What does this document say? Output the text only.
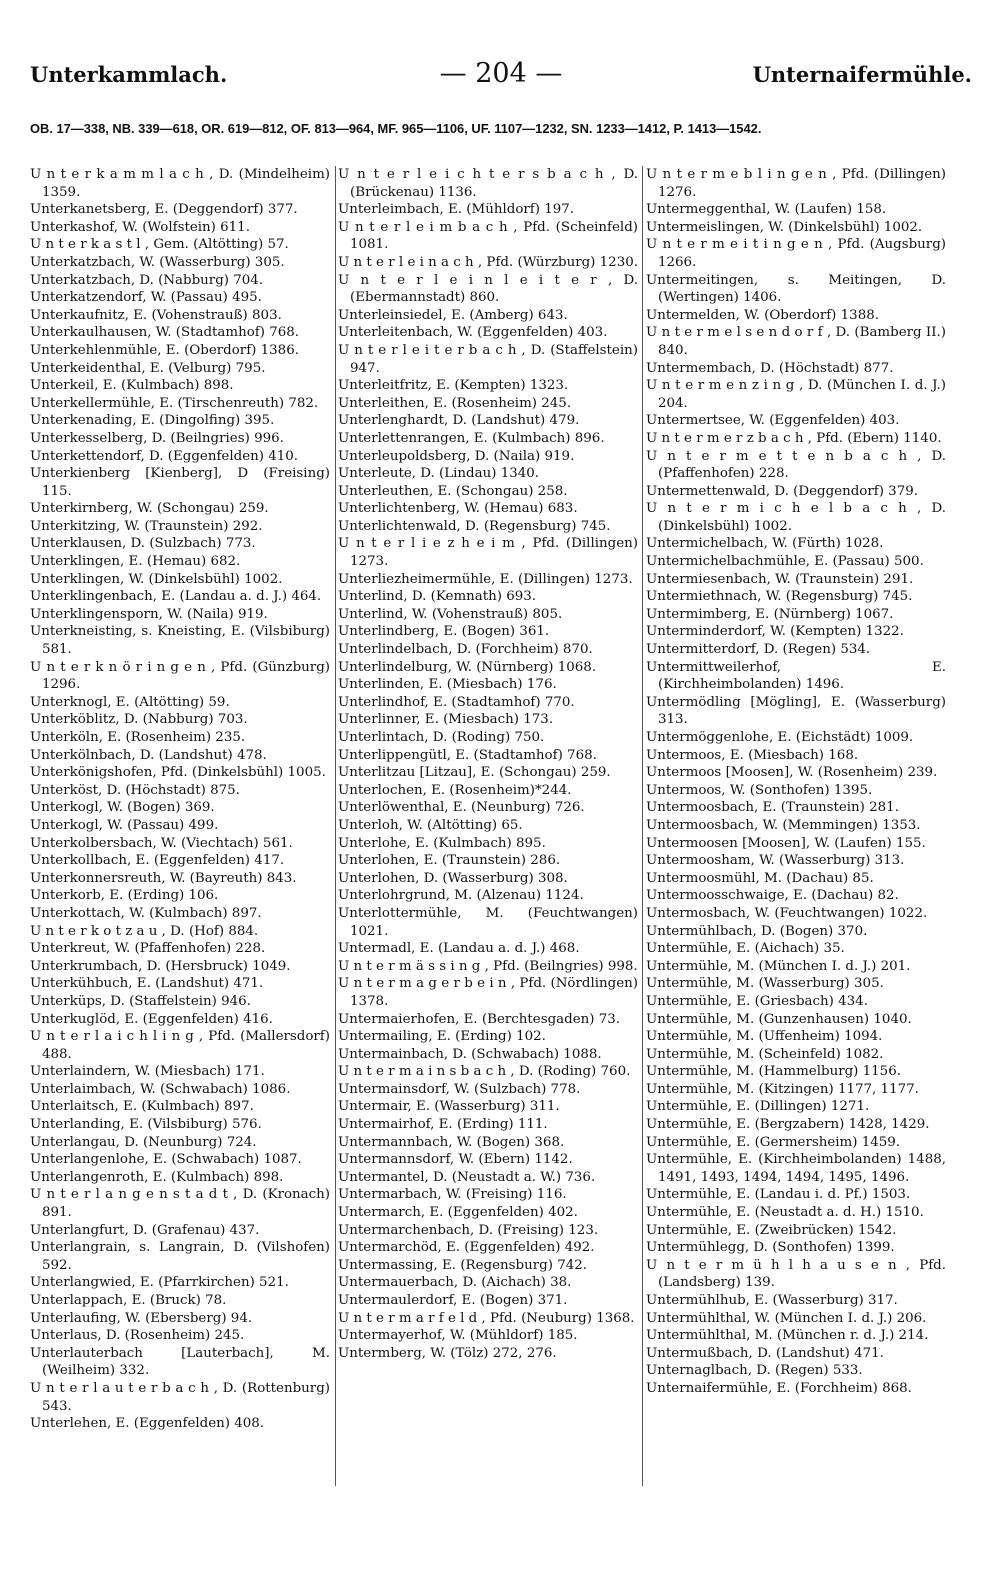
Unterkammlach.	— 204 —	Unternaifermühle.
OB. 17—338, NB. 339—618, OR. 619—812, OF. 813—964, MF. 965—1106, UF. 1107—1232, SN. 1233—1412, P. 1413—1542.

U n t e r k a m m l a c h , D. (Mindelheim) 1359.

Unterkanetsberg, E. (Deggendorf) 377.

Unterkashof, W. (Wolfstein) 611.

U n t e r k a s t l , Gem. (Altötting) 57.

Unterkatzbach, W. (Wasserburg) 305.

Unterkatzbach, D. (Nabburg) 704.

Unterkatzendorf, W. (Passau) 495.

Unterkaufnitz, E. (Vohenstrauß) 803.

Unterkaulhausen, W. (Stadtamhof) 768.

Unterkehlenmühle, E. (Oberdorf) 1386.

Unterkeidenthal, E. (Velburg) 795.

Unterkeil, E. (Kulmbach) 898.

Unterkellermühle, E. (Tirschenreuth) 782.

Unterkenading, E. (Dingolfing) 395.

Unterkesselberg, D. (Beilngries) 996.

Unterkettendorf, D. (Eggenfelden) 410.

Unterkienberg [Kienberg], D (Freising) 115.

Unterkirnberg, W. (Schongau) 259.

Unterkitzing, W. (Traunstein) 292.

Unterklausen, D. (Sulzbach) 773.

Unterklingen, E. (Hemau) 682.

Unterklingen, W. (Dinkelsbühl) 1002.

Unterklingenbach, E. (Landau a. d. J.) 464.

Unterklingensporn, W. (Naila) 919.

Unterkneisting, s. Kneisting, E. (Vilsbiburg) 581.

U n t e r k n ö r i n g e n , Pfd. (Günzburg) 1296.

Unterknogl, E. (Altötting) 59.

Unterköblitz, D. (Nabburg) 703.

Unterköln, E. (Rosenheim) 235.

Unterkölnbach, D. (Landshut) 478.

Unterkönigshofen, Pfd. (Dinkelsbühl) 1005.

Unterköst, D. (Höchstadt) 875.

Unterkogl, W. (Bogen) 369.

Unterkogl, W. (Passau) 499.

Unterkolbersbach, W. (Viechtach) 561.

Unterkollbach, E. (Eggenfelden) 417.

Unterkonnersreuth, W. (Bayreuth) 843.

Unterkorb, E. (Erding) 106.

Unterkottach, W. (Kulmbach) 897.

U n t e r k o t z a u , D. (Hof) 884.

Unterkreut, W. (Pfaffenhofen) 228.

Unterkrumbach, D. (Hersbruck) 1049.

Unterkühbuch, E. (Landshut) 471.

Unterküps, D. (Staffelstein) 946.

Unterkuglöd, E. (Eggenfelden) 416.

U n t e r l a i c h l i n g , Pfd. (Mallersdorf) 488.

Unterlaindern, W. (Miesbach) 171.

Unterlaimbach, W. (Schwabach) 1086.

Unterlaitsch, E. (Kulmbach) 897.

Unterlanding, E. (Vilsbiburg) 576.

Unterlangau, D. (Neunburg) 724.

Unterlangenlohe, E. (Schwabach) 1087.

Unterlangenroth, E. (Kulmbach) 898.

U n t e r l a n g e n s t a d t , D. (Kronach) 891.

Unterlangfurt, D. (Grafenau) 437.

Unterlangrain, s. Langrain, D. (Vilshofen) 592.

Unterlangwied, E. (Pfarrkirchen) 521.

Unterlappach, E. (Bruck) 78.

Unterlaufing, W. (Ebersberg) 94.

Unterlaus, D. (Rosenheim) 245.

Unterlauterbach [Lauterbach], M. (Weilheim) 332.

U n t e r l a u t e r b a c h , D. (Rottenburg) 543.

Unterlehen, E. (Eggenfelden) 408.

U n t e r l e i c h t e r s b a c h , D. (Brückenau) 1136.

Unterleimbach, E. (Mühldorf) 197.

U n t e r l e i m b a c h , Pfd. (Scheinfeld) 1081.

U n t e r l e i n a c h , Pfd. (Würzburg) 1230.

U n t e r l e i n l e i t e r , D. (Ebermannstadt) 860.

Unterleinsiedel, E. (Amberg) 643.

Unterleitenbach, W. (Eggenfelden) 403.

U n t e r l e i t e r b a c h , D. (Staffelstein) 947.

Unterleitfritz, E. (Kempten) 1323.

Unterleithen, E. (Rosenheim) 245.

Unterlenghardt, D. (Landshut) 479.

Unterlettenrangen, E. (Kulmbach) 896.

Unterleupoldsberg, D. (Naila) 919.

Unterleute, D. (Lindau) 1340.

Unterleuthen, E. (Schongau) 258.

Unterlichtenberg, W. (Hemau) 683.

Unterlichtenwald, D. (Regensburg) 745.

U n t e r l i e z h e i m , Pfd. (Dillingen) 1273.

Unterliezheimermühle, E. (Dillingen) 1273.

Unterlind, D. (Kemnath) 693.

Unterlind, W. (Vohenstrauß) 805.

Unterlindberg, E. (Bogen) 361.

Unterlindelbach, D. (Forchheim) 870.

Unterlindelburg, W. (Nürnberg) 1068.

Unterlinden, E. (Miesbach) 176.

Unterlindhof, E. (Stadtamhof) 770.

Unterlinner, E. (Miesbach) 173.

Unterlintach, D. (Roding) 750.

Unterlippengütl, E. (Stadtamhof) 768.

Unterlitzau [Litzau], E. (Schongau) 259.

Unterlochen, E. (Rosenheim)*244.

Unterlöwenthal, E. (Neunburg) 726.

Unterloh, W. (Altötting) 65.

Unterlohe, E. (Kulmbach) 895.

Unterlohen, E. (Traunstein) 286.

Unterlohen, D. (Wasserburg) 308.

Unterlohrgrund, M. (Alzenau) 1124.

Unterlottermühle, M. (Feuchtwangen) 1021.

Untermadl, E. (Landau a. d. J.) 468.

U n t e r m ä s s i n g , Pfd. (Beilngries) 998.

U n t e r m a g e r b e i n , Pfd. (Nördlingen) 1378.

Untermaierhofen, E. (Berchtesgaden) 73.

Untermailing, E. (Erding) 102.

Untermainbach, D. (Schwabach) 1088.

U n t e r m a i n s b a c h , D. (Roding) 760.

Untermainsdorf, W. (Sulzbach) 778.

Untermair, E. (Wasserburg) 311.

Untermairhof, E. (Erding) 111.

Untermannbach, W. (Bogen) 368.

Untermannsdorf, W. (Ebern) 1142.

Untermantel, D. (Neustadt a. W.) 736.

Untermarbach, W. (Freising) 116.

Untermarch, E. (Eggenfelden) 402.

Untermarchenbach, D. (Freising) 123.

Untermarchöd, E. (Eggenfelden) 492.

Untermassing, E. (Regensburg) 742.

Untermauerbach, D. (Aichach) 38.

Untermaulerdorf, E. (Bogen) 371.

U n t e r m a r f e l d , Pfd. (Neuburg) 1368.

Untermayerhof, W. (Mühldorf) 185.

Untermberg, W. (Tölz) 272, 276.

U n t e r m e b l i n g e n , Pfd. (Dillingen) 1276.

Untermeggenthal, W. (Laufen) 158.

Untermeislingen, W. (Dinkelsbühl) 1002.

U n t e r m e i t i n g e n , Pfd. (Augsburg) 1266.

Untermeitingen, s. Meitingen, D. (Wertingen) 1406.

Untermelden, W. (Oberdorf) 1388.

U n t e r m e l s e n d o r f , D. (Bamberg II.) 840.

Untermembach, D. (Höchstadt) 877.

U n t e r m e n z i n g , D. (München I. d. J.) 204.

Untermertsee, W. (Eggenfelden) 403.

U n t e r m e r z b a c h , Pfd. (Ebern) 1140.

U n t e r m e t t e n b a c h , D. (Pfaffenhofen) 228.

Untermettenwald, D. (Deggendorf) 379.

U n t e r m i c h e l b a c h , D. (Dinkelsbühl) 1002.

Untermichelbach, W. (Fürth) 1028.

Untermichelbachmühle, E. (Passau) 500.

Untermiesenbach, W. (Traunstein) 291.

Untermiethnach, W. (Regensburg) 745.

Untermimberg, E. (Nürnberg) 1067.

Unterminderdorf, W. (Kempten) 1322.

Untermitterdorf, D. (Regen) 534.

Untermittweilerhof, E. (Kirchheimbolanden) 1496.

Untermödling [Mögling], E. (Wasserburg) 313.

Untermöggenlohe, E. (Eichstädt) 1009.

Untermoos, E. (Miesbach) 168.

Untermoos [Moosen], W. (Rosenheim) 239.

Untermoos, W. (Sonthofen) 1395.

Untermoosbach, E. (Traunstein) 281.

Untermoosbach, W. (Memmingen) 1353.

Untermoosen [Moosen], W. (Laufen) 155.

Untermoosham, W. (Wasserburg) 313.

Untermoosmühl, M. (Dachau) 85.

Untermoosschwaige, E. (Dachau) 82.

Untermosbach, W. (Feuchtwangen) 1022.

Untermühlbach, D. (Bogen) 370.

Untermühle, E. (Aichach) 35.

Untermühle, M. (München I. d. J.) 201.

Untermühle, M. (Wasserburg) 305.

Untermühle, E. (Griesbach) 434.

Untermühle, M. (Gunzenhausen) 1040.

Untermühle, M. (Uffenheim) 1094.

Untermühle, M. (Scheinfeld) 1082.

Untermühle, M. (Hammelburg) 1156.

Untermühle, M. (Kitzingen) 1177, 1177.

Untermühle, E. (Dillingen) 1271.

Untermühle, E. (Bergzabern) 1428, 1429.

Untermühle, E. (Germersheim) 1459.

Untermühle, E. (Kirchheimbolanden) 1488, 1491, 1493, 1494, 1494, 1495, 1496.

Untermühle, E. (Landau i. d. Pf.) 1503.

Untermühle, E. (Neustadt a. d. H.) 1510.

Untermühle, E. (Zweibrücken) 1542.

Untermühlegg, D. (Sonthofen) 1399.

U n t e r m ü h l h a u s e n , Pfd. (Landsberg) 139.

Untermühlhub, E. (Wasserburg) 317.

Untermühlthal, W. (München I. d. J.) 206.

Untermühlthal, M. (München r. d. J.) 214.

Untermußbach, D. (Landshut) 471.

Unternaglbach, D. (Regen) 533.

Unternaifermühle, E. (Forchheim) 868.
